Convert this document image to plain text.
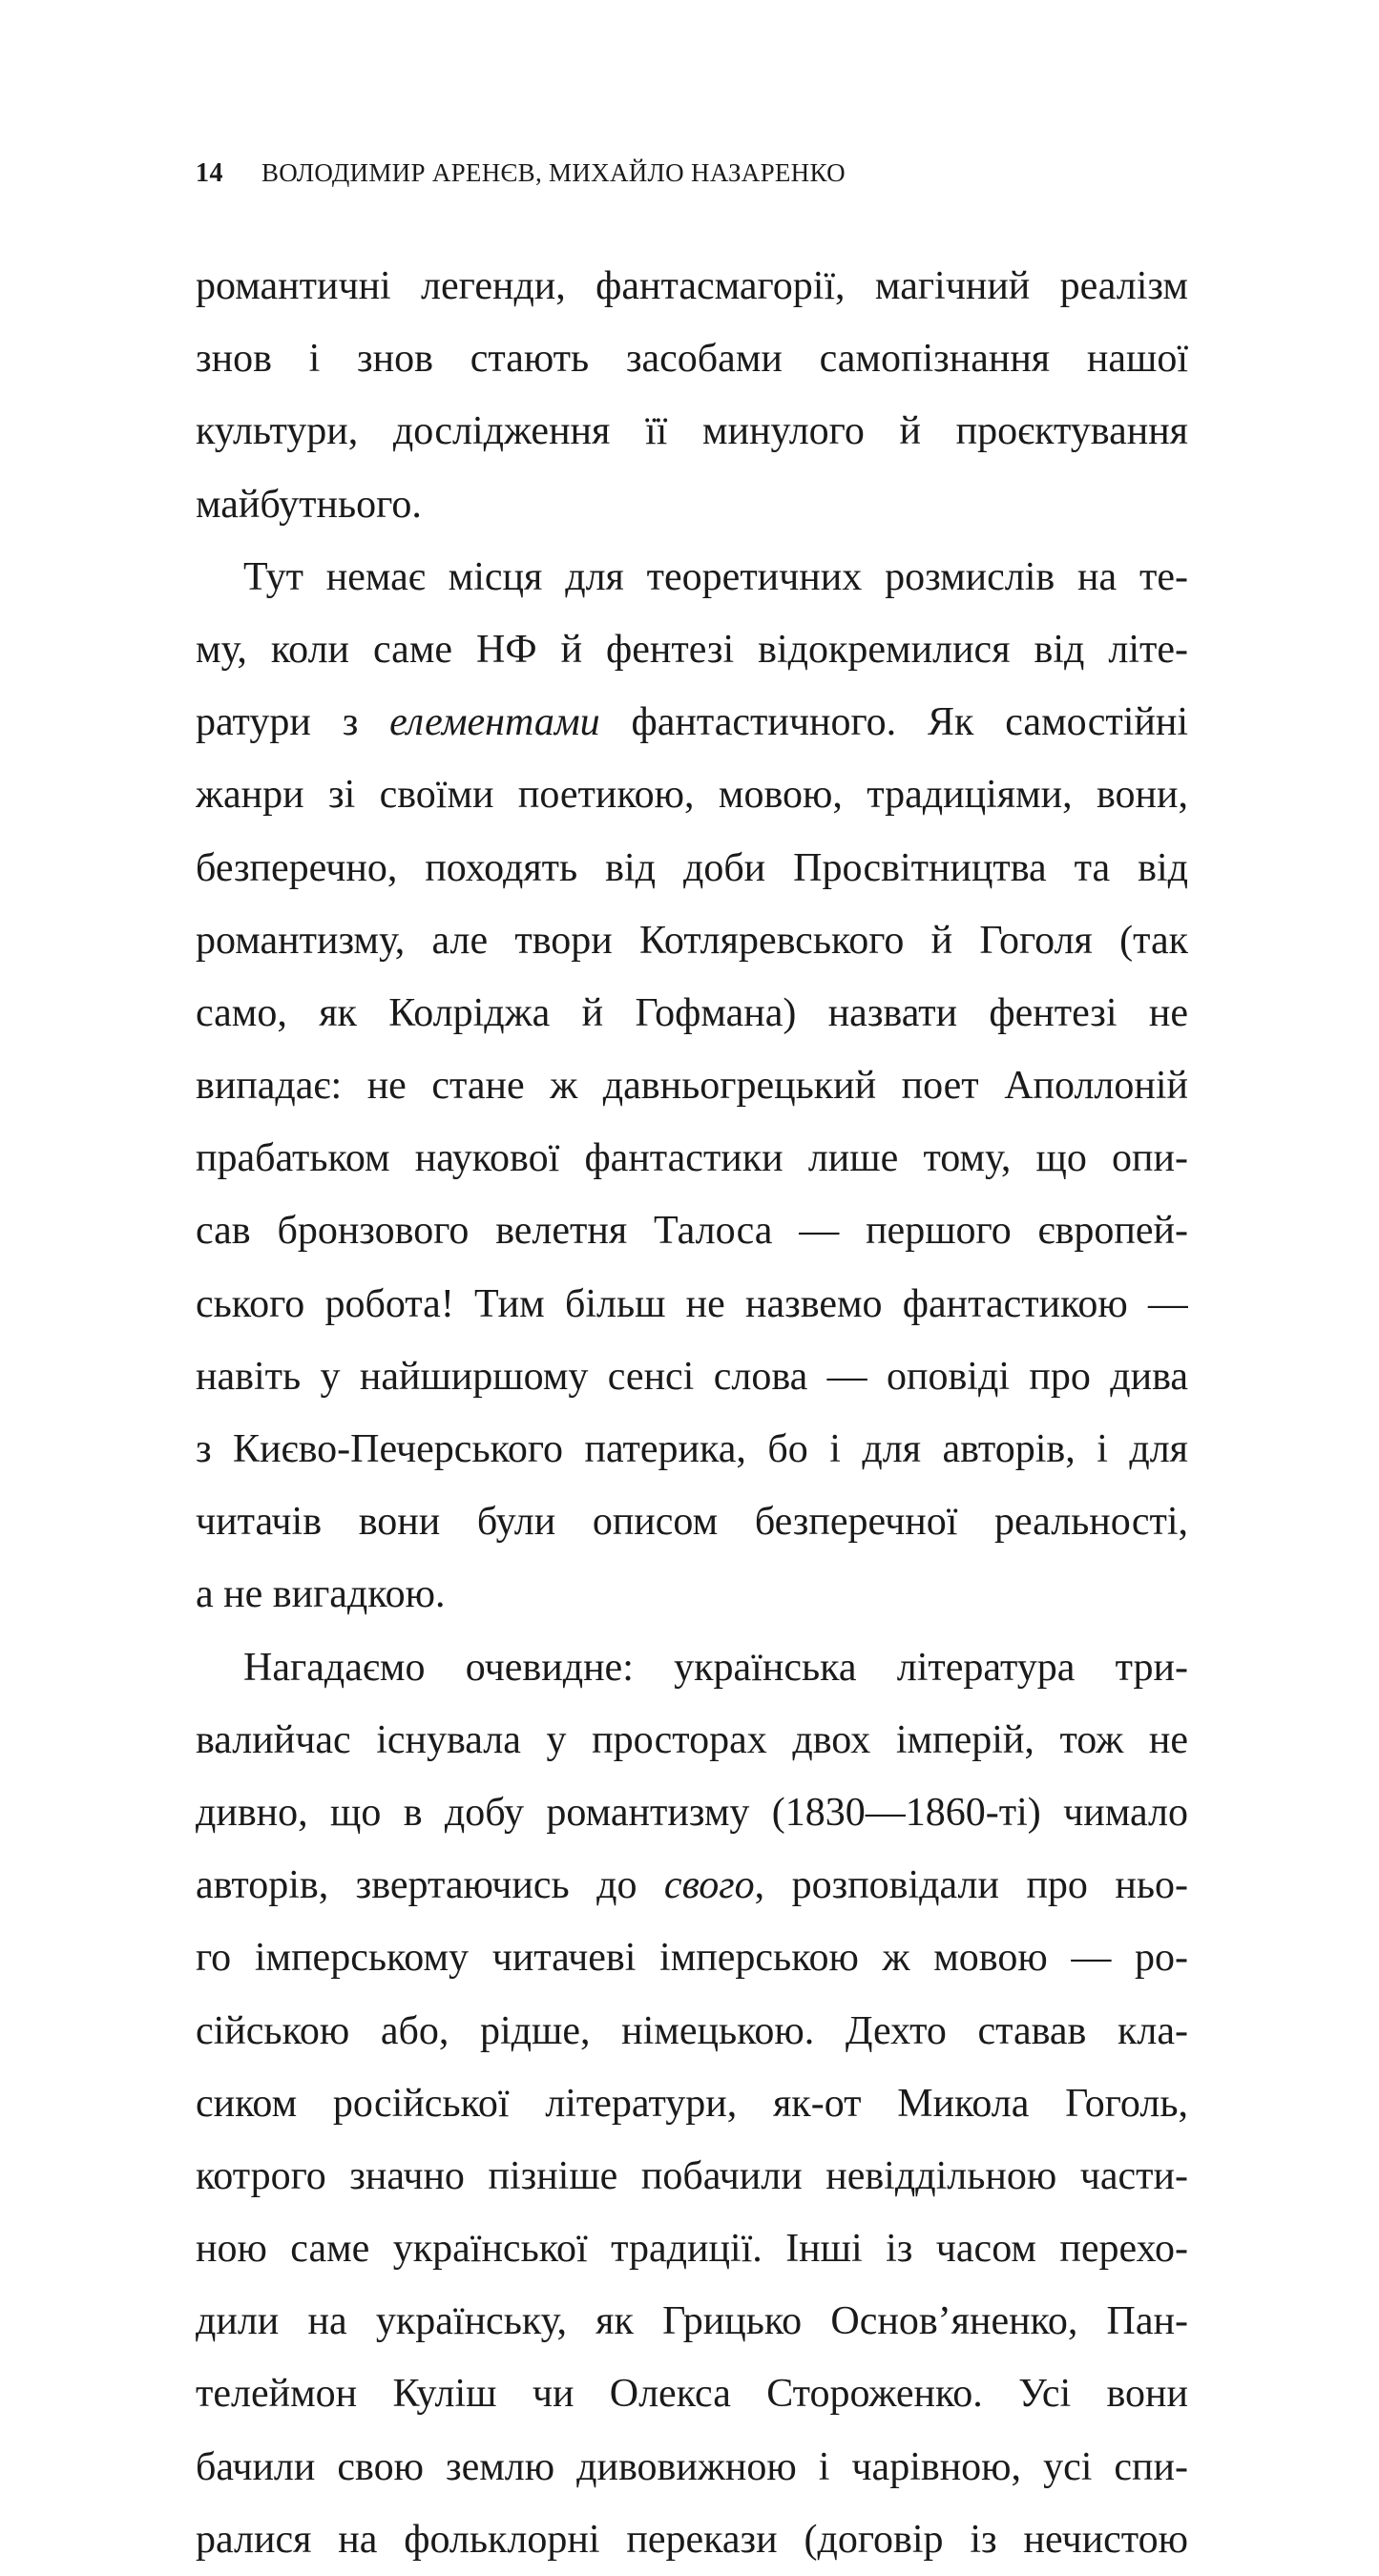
14 ВОЛОДИМИР АРЕНЄВ, МИХАЙЛО НАЗАРЕНКО
романтичні легенди, фантасмагорії, магічний реалізм
знов і знов стають засобами самопізнання нашої
культури, дослідження її минулого й проєктування
майбутнього.
Тут немає місця для теоретичних розмислів на те-
му, коли саме НФ й фентезі відокремилися від літе-
ратури з елементами фантастичного. Як самостійні
жанри зі своїми поетикою, мовою, традиціями, вони,
безперечно, походять від доби Просвітництва та від
романтизму, але твори Котляревського й Гоголя (так
само, як Колріджа й Гофмана) назвати фентезі не
випадає: не стане ж давньогрецький поет Аполлоній
прабатьком наукової фантастики лише тому, що опи-
сав бронзового велетня Талоса — першого європей-
ського робота! Тим більш не назвемо фантастикою —
навіть у найширшому сенсі слова — оповіді про дива
з Києво-Печерського патерика, бо і для авторів, і для
читачів вони були описом безперечної реальності,
а не вигадкою.
Нагадаємо очевидне: українська література три-
валийчас існувала у просторах двох імперій, тож не
дивно, що в добу романтизму (1830—1860-ті) чимало
авторів, звертаючись до свого, розповідали про ньо-
го імперському читачеві імперською ж мовою — ро-
сійською або, рідше, німецькою. Дехто ставав кла-
сиком російської літератури, як-от Микола Гоголь,
котрого значно пізніше побачили невіддільною части-
ною саме української традиції. Інші із часом перехо-
дили на українську, як Грицько Основ’яненко, Пан-
телеймон Куліш чи Олекса Стороженко. Усі вони
бачили свою землю дивовижною і чарівною, усі спи-
ралися на фольклорні перекази (договір із нечистою
